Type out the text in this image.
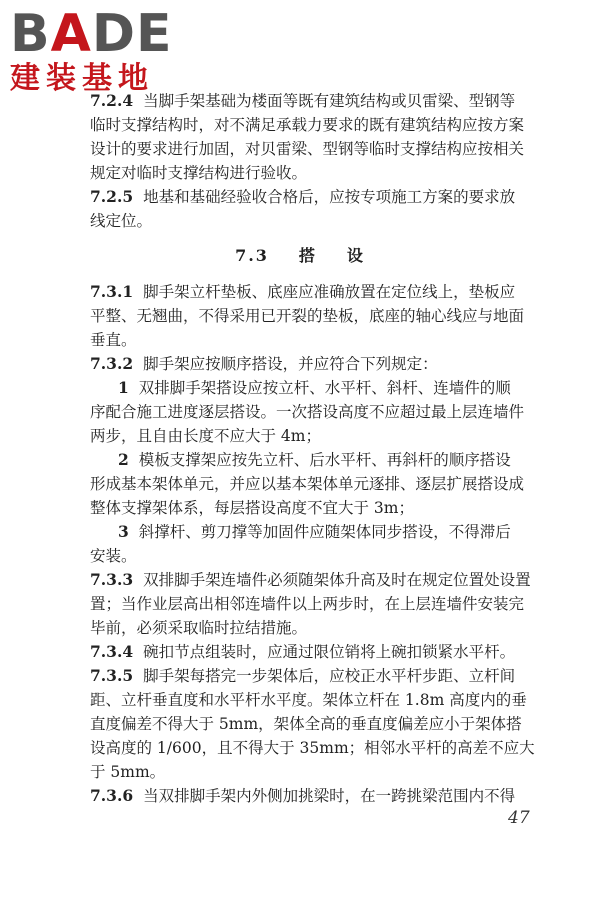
BADE
建装基地
7.2.4 当脚手架基础为楼面等既有建筑结构或贝雷梁、型钢等
临时支撑结构时，对不满足承载力要求的既有建筑结构应按方案
设计的要求进行加固，对贝雷梁、型钢等临时支撑结构应按相关
规定对临时支撑结构进行验收。
7.2.5 地基和基础经验收合格后，应按专项施工方案的要求放
线定位。
7.3 搭 设
7.3.1 脚手架立杆垫板、底座应准确放置在定位线上，垫板应
平整、无翘曲，不得采用已开裂的垫板，底座的轴心线应与地面
垂直。
7.3.2 脚手架应按顺序搭设，并应符合下列规定：
1 双排脚手架搭设应按立杆、水平杆、斜杆、连墙件的顺
序配合施工进度逐层搭设。一次搭设高度不应超过最上层连墙件
两步，且自由长度不应大于 4m；
2 模板支撑架应按先立杆、后水平杆、再斜杆的顺序搭设
形成基本架体单元，并应以基本架体单元逐排、逐层扩展搭设成
整体支撑架体系，每层搭设高度不宜大于 3m；
3 斜撑杆、剪刀撑等加固件应随架体同步搭设，不得滞后
安装。
7.3.3 双排脚手架连墙件必须随架体升高及时在规定位置处设置
置；当作业层高出相邻连墙件以上两步时，在上层连墙件安装完
毕前，必须采取临时拉结措施。
7.3.4 碗扣节点组装时，应通过限位销将上碗扣锁紧水平杆。
7.3.5 脚手架每搭完一步架体后，应校正水平杆步距、立杆间
距、立杆垂直度和水平杆水平度。架体立杆在 1.8m 高度内的垂
直度偏差不得大于 5mm，架体全高的垂直度偏差应小于架体搭
设高度的 1/600，且不得大于 35mm；相邻水平杆的高差不应大
于 5mm。
7.3.6 当双排脚手架内外侧加挑梁时，在一跨挑梁范围内不得
47
